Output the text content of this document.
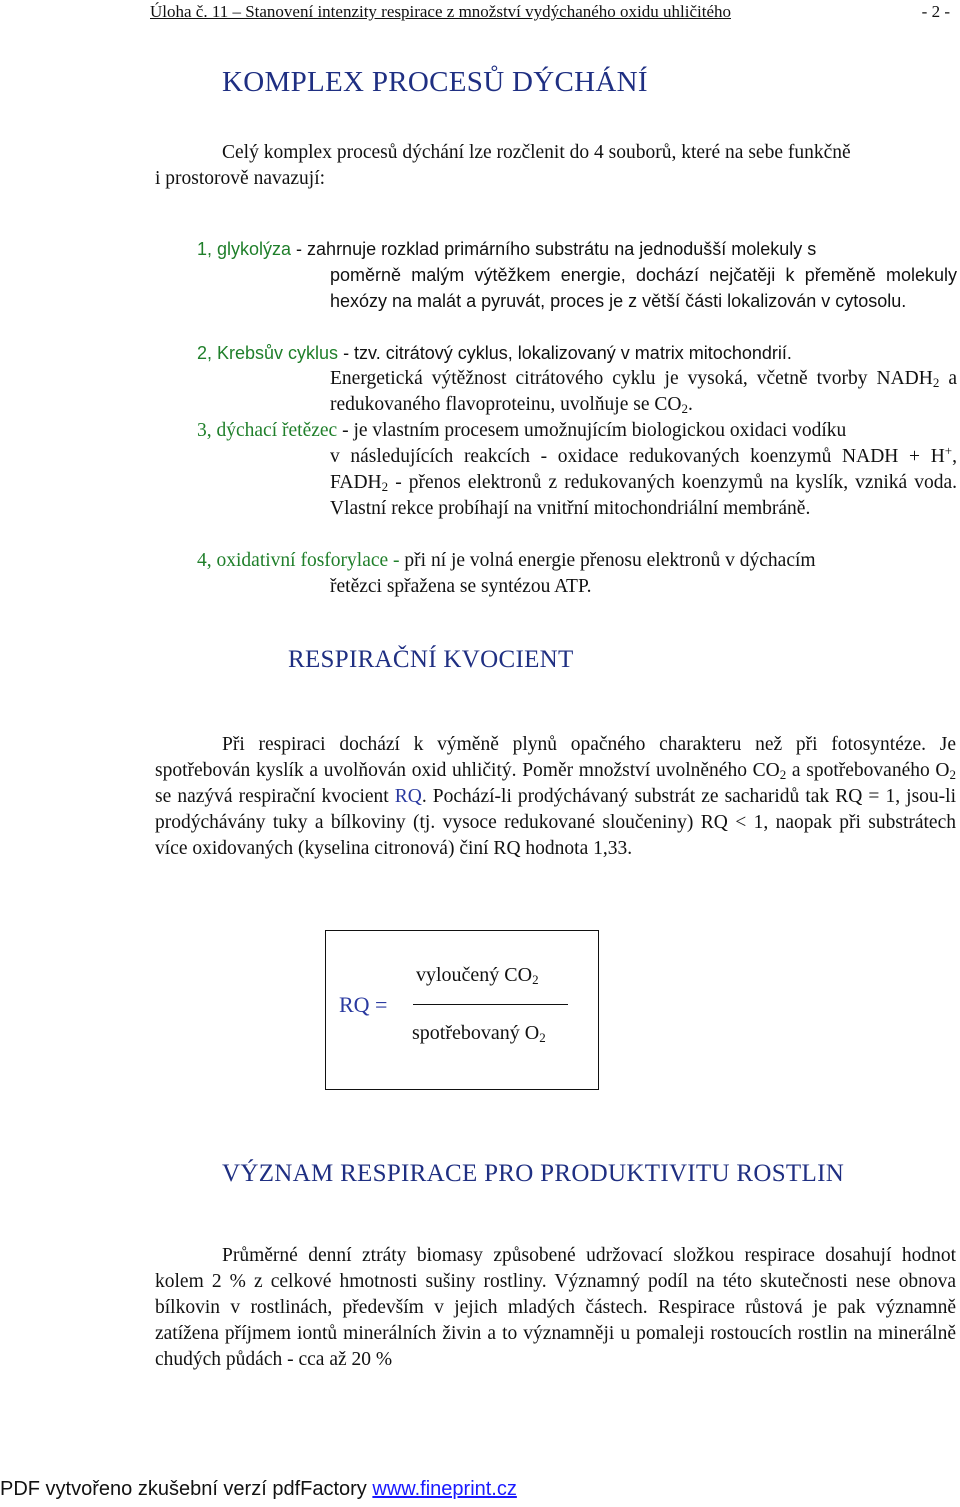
Úloha č. 11 – Stanovení intenzity respirace z množství vydýchaného oxidu uhličitého	- 2 -
KOMPLEX PROCESŮ DÝCHÁNÍ

Celý komplex procesů dýchání lze rozčlenit do 4 souborů, které na sebe funkčně

i prostorově navazují:

1, glykolýza - zahrnuje rozklad primárního substrátu na jednodušší molekuly s

poměrně malým výtěžkem energie, dochází nejčatěji k přeměně molekuly hexózy na malát a pyruvát, proces je z větší části lokalizován v cytosolu.

2, Krebsův cyklus - tzv. citrátový cyklus, lokalizovaný v matrix mitochondrií.

Energetická výtěžnost citrátového cyklu je vysoká, včetně tvorby $NADH_2$ a redukovaného flavoproteinu, uvolňuje se $CO_2$.

3, dýchací řetězec - je vlastním procesem umožnujícím biologickou oxidaci vodíku

v následujících reakcích - oxidace redukovaných koenzymů NADH + H+, $FADH_2$ - přenos elektronů z redukovaných koenzymů na kyslík, vzniká voda. Vlastní rekce probíhají na vnitřní mitochondriální membráně.

4, oxidativní fosforylace - při ní je volná energie přenosu elektronů v dýchacím

řetězci spřažena se syntézou ATP.

RESPIRAČNÍ KVOCIENT

Při respiraci dochází k výměně plynů opačného charakteru než při fotosyntéze. Je spotřebován kyslík a uvolňován oxid uhličitý. Poměr množství uvolněného $CO_2$ a spotřebovaného $O_2$ se nazývá respirační kvocient RQ. Pochází-li prodýchávaný substrát ze sacharidů tak RQ = 1, jsou-li prodýchávány tuky a bílkoviny (tj. vysoce redukované sloučeniny) RQ < 1, naopak při substrátech více oxidovaných (kyselina citronová) činí RQ hodnota 1,33.

RQ =
vyloučený $CO_2$
spotřebovaný $O_2$
VÝZNAM RESPIRACE PRO PRODUKTIVITU ROSTLIN

Průměrné denní ztráty biomasy způsobené udržovací složkou respirace dosahují hodnot kolem 2 % z celkové hmotnosti sušiny rostliny. Významný podíl na této skutečnosti nese obnova bílkovin v rostlinách, především v jejich mladých částech. Respirace růstová je pak významně zatížena příjmem iontů minerálních živin a to významněji u pomaleji rostoucích rostlin na minerálně chudých půdách - cca až 20 %

PDF vytvořeno zkušební verzí pdfFactory www.fineprint.cz
